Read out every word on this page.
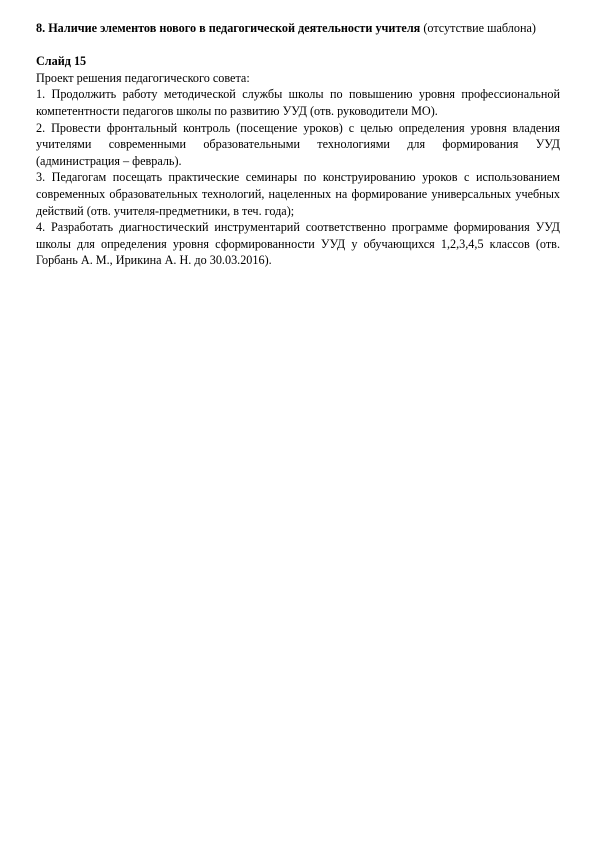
8. Наличие элементов нового в педагогической деятельности учителя (отсутствие шаблона)

Слайд 15

Проект решения педагогического совета:

1. Продолжить работу методической службы школы по повышению уровня профессиональной компетентности педагогов школы по развитию УУД (отв. руководители МО).

2. Провести фронтальный контроль (посещение уроков) с целью определения уровня владения учителями современными образовательными технологиями для формирования УУД (администрация – февраль).

3. Педагогам посещать практические семинары по конструированию уроков с использованием современных образовательных технологий, нацеленных на формирование универсальных учебных действий (отв. учителя-предметники, в теч. года);

4. Разработать диагностический инструментарий соответственно программе формирования УУД школы для определения уровня сформированности УУД у обучающихся 1,2,3,4,5 классов (отв. Горбань А. М., Ирикина А. Н. до 30.03.2016).
